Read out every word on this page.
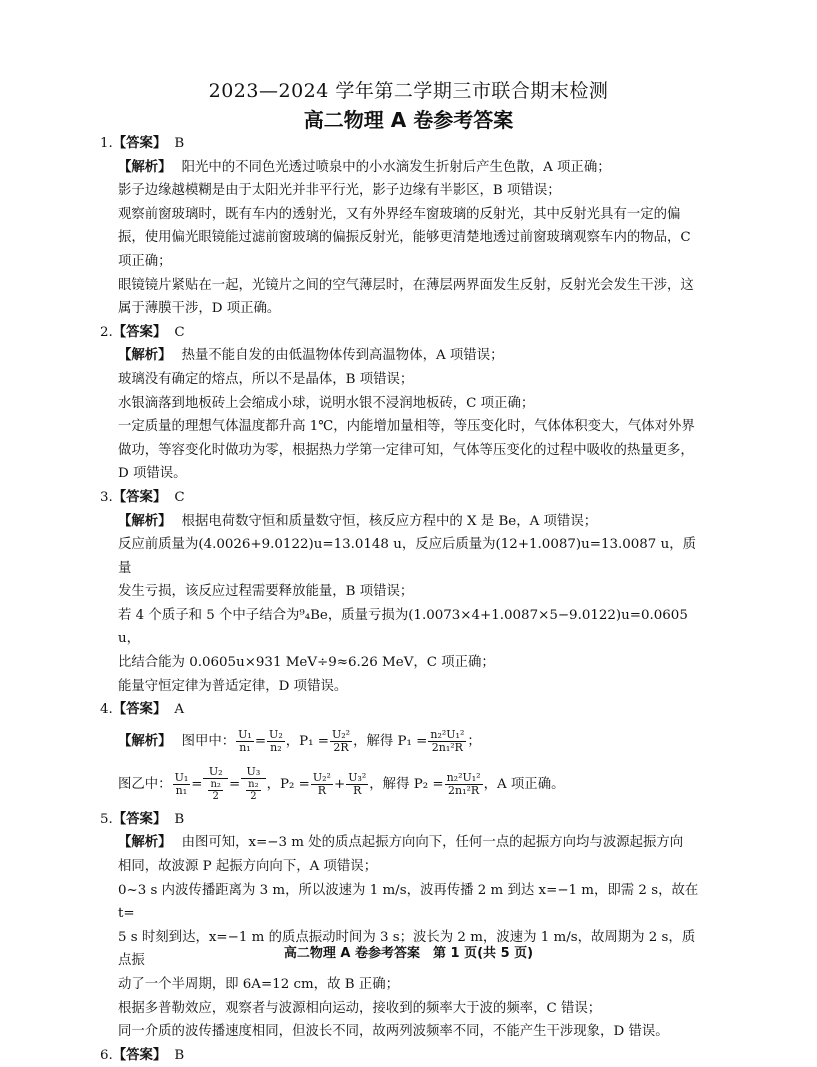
2023—2024 学年第二学期三市联合期末检测
高二物理 A 卷参考答案
1.【答案】 B
【解析】 阳光中的不同色光透过喷泉中的小水滴发生折射后产生色散，A 项正确；
影子边缘越模糊是由于太阳光并非平行光，影子边缘有半影区，B 项错误；
观察前窗玻璃时，既有车内的透射光，又有外界经车窗玻璃的反射光，其中反射光具有一定的偏
振，使用偏光眼镜能过滤前窗玻璃的偏振反射光，能够更清楚地透过前窗玻璃观察车内的物品，C
项正确；
眼镜镜片紧贴在一起，光镜片之间的空气薄层时，在薄层两界面发生反射，反射光会发生干涉，这
属于薄膜干涉，D 项正确。
2.【答案】 C
【解析】 热量不能自发的由低温物体传到高温物体，A 项错误；
玻璃没有确定的熔点，所以不是晶体，B 项错误；
水银滴落到地板砖上会缩成小球，说明水银不浸润地板砖，C 项正确；
一定质量的理想气体温度都升高 1℃，内能增加量相等，等压变化时，气体体积变大，气体对外界
做功，等容变化时做功为零，根据热力学第一定律可知，气体等压变化的过程中吸收的热量更多，
D 项错误。
3.【答案】 C
【解析】 根据电荷数守恒和质量数守恒，核反应方程中的 X 是 Be，A 项错误；
反应前质量为(4.0026+9.0122)u=13.0148 u，反应后质量为(12+1.0087)u=13.0087 u，质量
发生亏损，该反应过程需要释放能量，B 项错误；
若 4 个质子和 5 个中子结合为⁹₄Be，质量亏损为(1.0073×4+1.0087×5−9.0122)u=0.0605 u，
比结合能为 0.0605u×931 MeV÷9≈6.26 MeV，C 项正确；
能量守恒定律为普适定律，D 项错误。
4.【答案】 A
【解析】 图甲中： $\frac{\text{U₁}}{\text{n₁}} = \frac{\text{U₂}}{\text{n₂}}$ ，$P_1 = \frac{\text{U₂²}}{2R}$ ，解得 $P_1 = \frac{\text{n₂²U₁²}}{\text{2n₁²R}}$ ；
图乙中： $\frac{\text{U₁}}{\text{n₁}} = U_2$
n₂
2 = U₃
n₂
2 ，$P_2 = \frac{\text{U₂²}}{R} + \frac{\text{U₃²}}{R}$ ，解得 $P_2 = \frac{\text{n₂²U₁²}}{\text{2n₁²R}}$ ，A 项正确。
5.【答案】 B
【解析】 由图可知，x=−3 m 处的质点起振方向向下，任何一点的起振方向均与波源起振方向
相同，故波源 P 起振方向向下，A 项错误；
0~3 s 内波传播距离为 3 m，所以波速为 1 m/s，波再传播 2 m 到达 x=−1 m，即需 2 s，故在 t=
5 s 时刻到达，x=−1 m 的质点振动时间为 3 s；波长为 2 m，波速为 1 m/s，故周期为 2 s，质点振
动了一个半周期，即 6A=12 cm，故 B 正确；
根据多普勒效应，观察者与波源相向运动，接收到的频率大于波的频率，C 错误；
同一介质的波传播速度相同，但波长不同，故两列波频率不同，不能产生干涉现象，D 错误。
6.【答案】 B
高二物理 A 卷参考答案　第 1 页(共 5 页)
